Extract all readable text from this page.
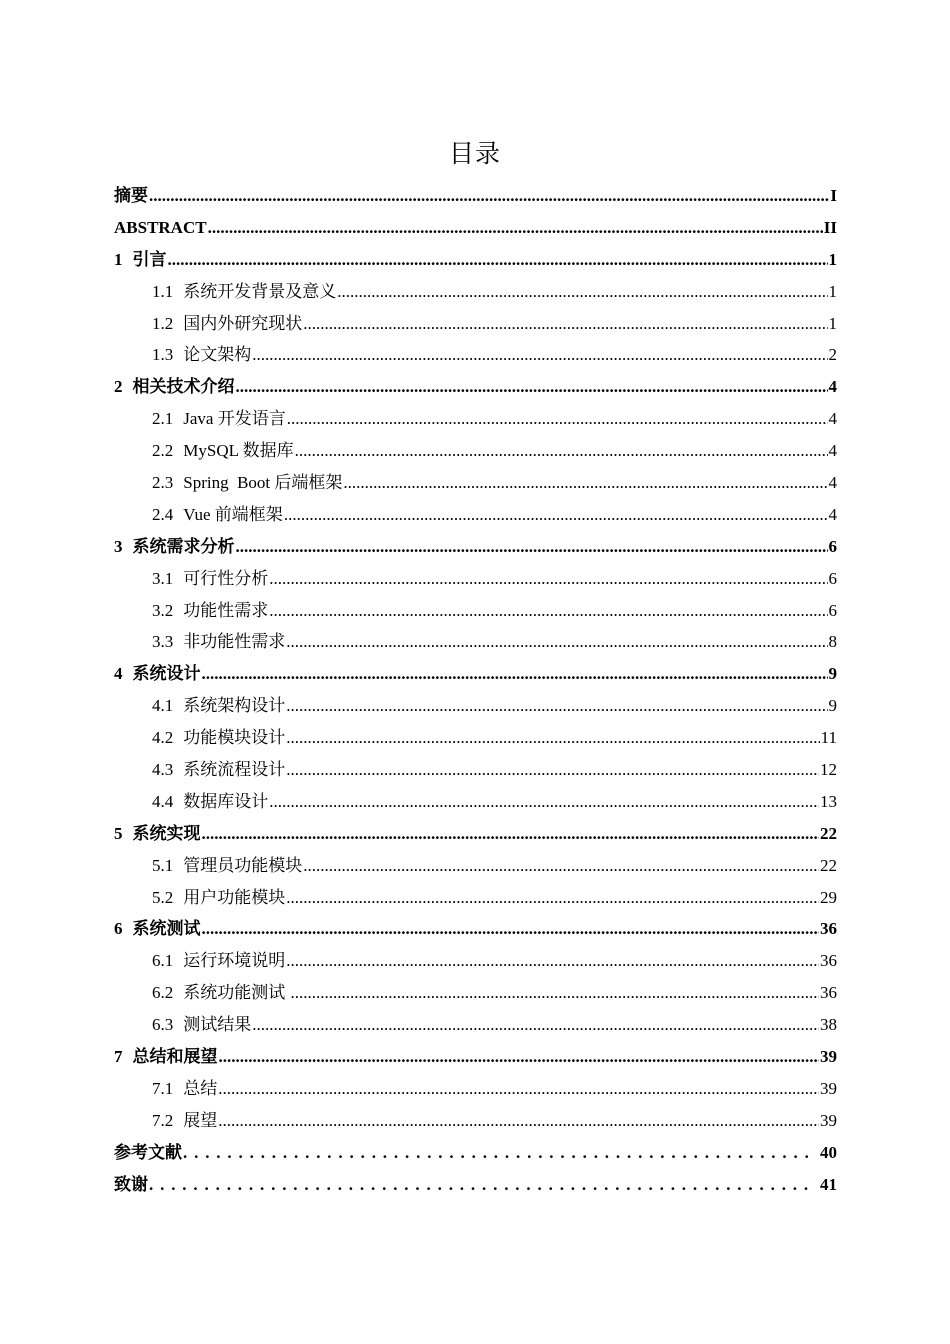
目录
摘要 .....	I
ABSTRACT .....	II
1 引言 .....	1
1.1 系统开发背景及意义 .....	1
1.2 国内外研究现状 .....	1
1.3 论文架构 .....	2
2 相关技术介绍 .....	4
2.1 Java 开发语言 .....	4
2.2 MySQL 数据库 .....	4
2.3 Spring  Boot 后端框架 .....	4
2.4 Vue 前端框架 .....	4
3 系统需求分析 .....	6
3.1 可行性分析 .....	6
3.2 功能性需求 .....	6
3.3 非功能性需求 .....	8
4 系统设计 .....	9
4.1 系统架构设计 .....	9
4.2 功能模块设计 .....	11
4.3 系统流程设计 .....	12
4.4 数据库设计 .....	13
5 系统实现 .....	22
5.1 管理员功能模块 .....	22
5.2 用户功能模块 .....	29
6 系统测试 .....	36
6.1 运行环境说明 .....	36
6.2 系统功能测试 .....	36
6.3 测试结果 .....	38
7 总结和展望 .....	39
7.1 总结 .....	39
7.2 展望 .....	39
参考文献 . . .	40
致谢 . . .	41
